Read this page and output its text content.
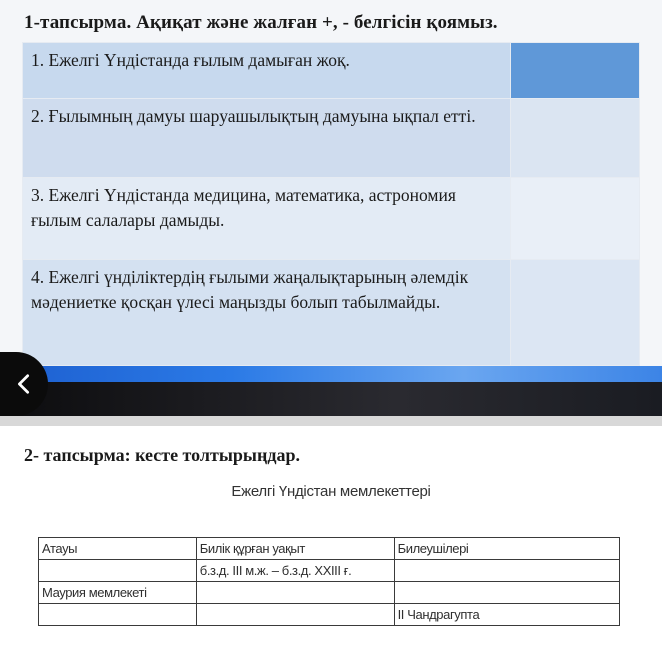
1-тапсырма. Ақиқат және жалған +, - белгісін қоямыз.
1. Ежелгі Үндістанда ғылым дамыған жоқ.	
2. Ғылымның дамуы шаруашылықтың дамуына ықпал етті.	
3. Ежелгі Үндістанда медицина, математика, астрономия ғылым салалары дамыды.	
4. Ежелгі үнділіктердің ғылыми жаңалықтарының әлемдік мәдениетке қосқан үлесі маңызды болып табылмайды.	
2- тапсырма: кесте толтырыңдар.
Ежелгі Үндістан мемлекеттері
Атауы	Билік құрған уақыт	Билеушілері
	б.з.д. ІІІ м.ж. – б.з.д. ХХІІІ ғ.	
Маурия мемлекеті		
		ІІ Чандрагупта
